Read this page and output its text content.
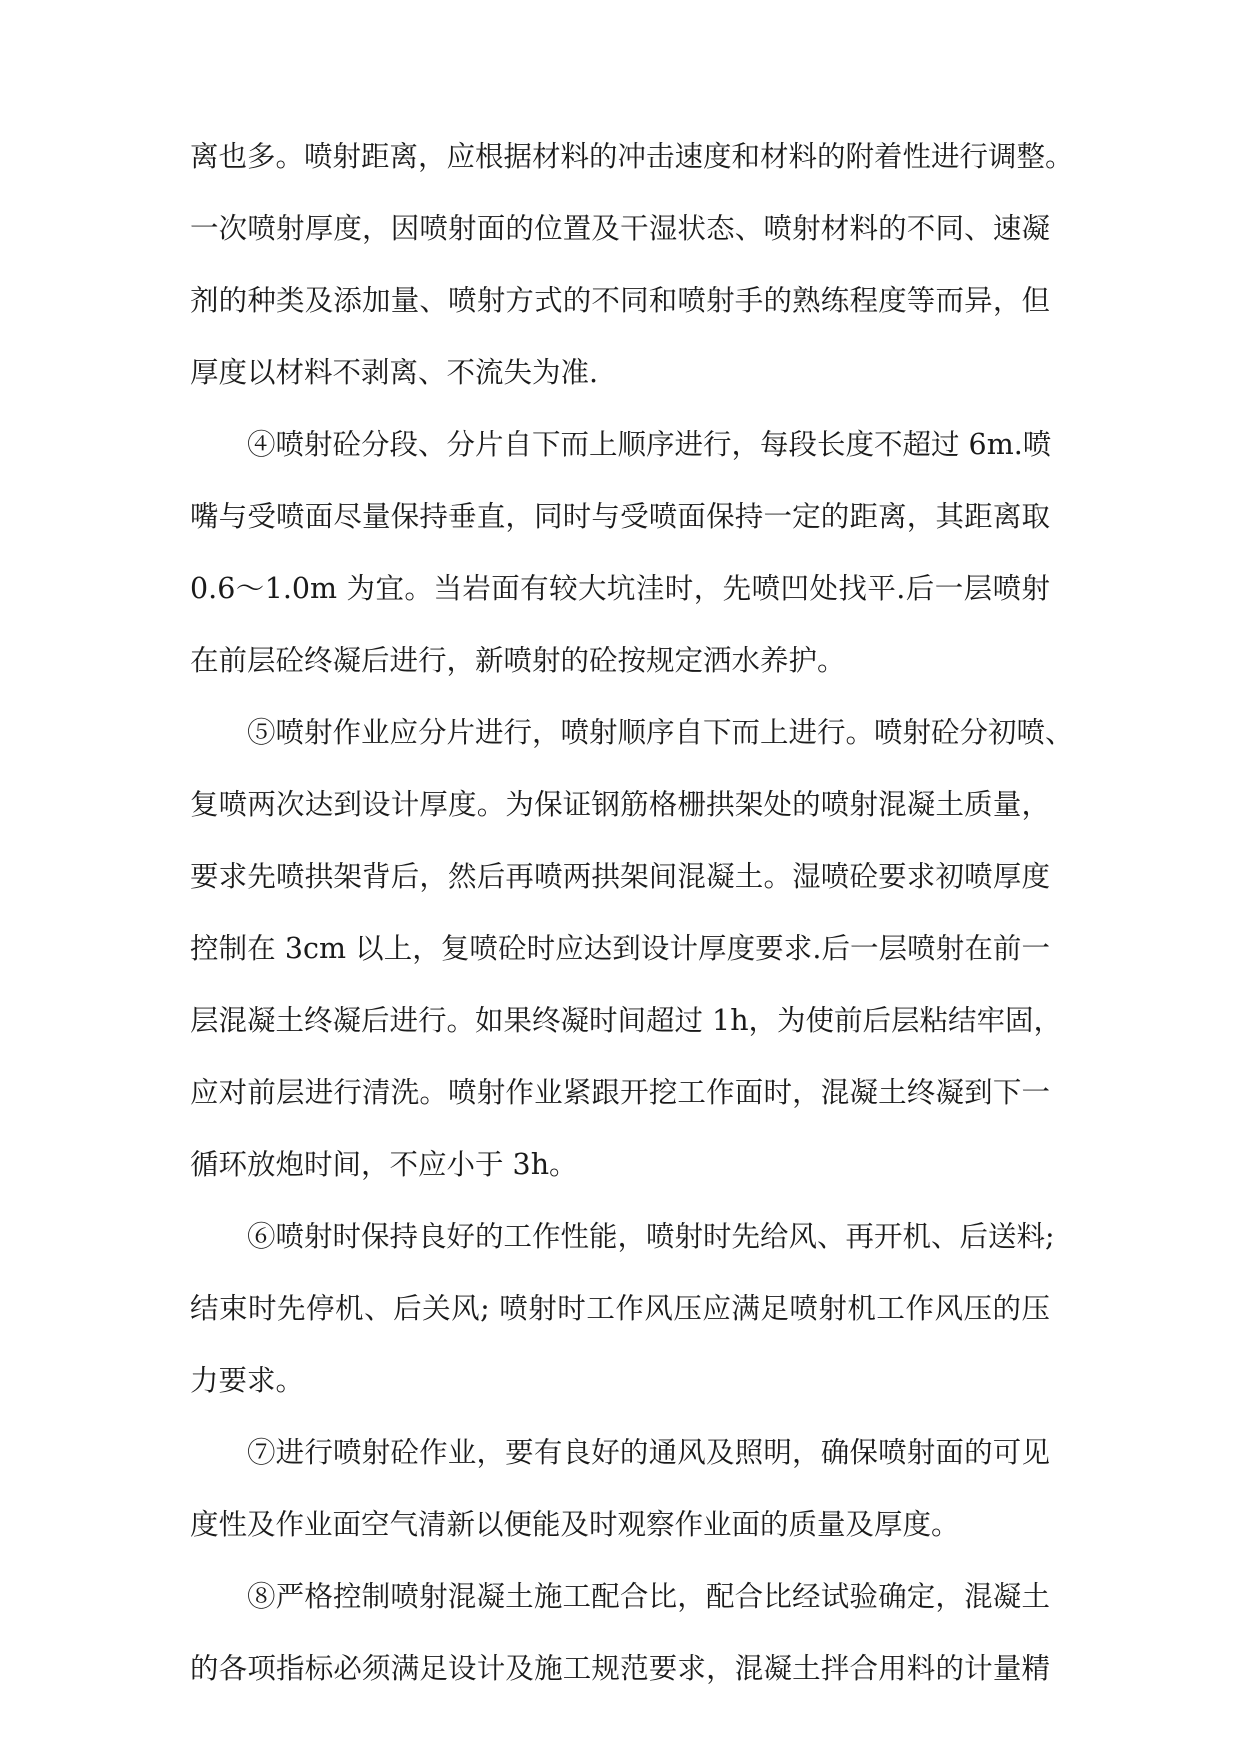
离也多。喷射距离，应根据材料的冲击速度和材料的附着性进行调整。
一次喷射厚度，因喷射面的位置及干湿状态、喷射材料的不同、速凝
剂的种类及添加量、喷射方式的不同和喷射手的熟练程度等而异，但
厚度以材料不剥离、不流失为准.
④喷射砼分段、分片自下而上顺序进行，每段长度不超过 6m.喷
嘴与受喷面尽量保持垂直，同时与受喷面保持一定的距离，其距离取
0.6～1.0m 为宜。当岩面有较大坑洼时，先喷凹处找平.后一层喷射
在前层砼终凝后进行，新喷射的砼按规定洒水养护。
⑤喷射作业应分片进行，喷射顺序自下而上进行。喷射砼分初喷、
复喷两次达到设计厚度。为保证钢筋格栅拱架处的喷射混凝土质量，
要求先喷拱架背后，然后再喷两拱架间混凝土。湿喷砼要求初喷厚度
控制在 3cm 以上，复喷砼时应达到设计厚度要求.后一层喷射在前一
层混凝土终凝后进行。如果终凝时间超过 1h，为使前后层粘结牢固，
应对前层进行清洗。喷射作业紧跟开挖工作面时，混凝土终凝到下一
循环放炮时间，不应小于 3h。
⑥喷射时保持良好的工作性能，喷射时先给风、再开机、后送料;
结束时先停机、后关风; 喷射时工作风压应满足喷射机工作风压的压
力要求。
⑦进行喷射砼作业，要有良好的通风及照明，确保喷射面的可见
度性及作业面空气清新以便能及时观察作业面的质量及厚度。
⑧严格控制喷射混凝土施工配合比，配合比经试验确定，混凝土
的各项指标必须满足设计及施工规范要求，混凝土拌合用料的计量精
